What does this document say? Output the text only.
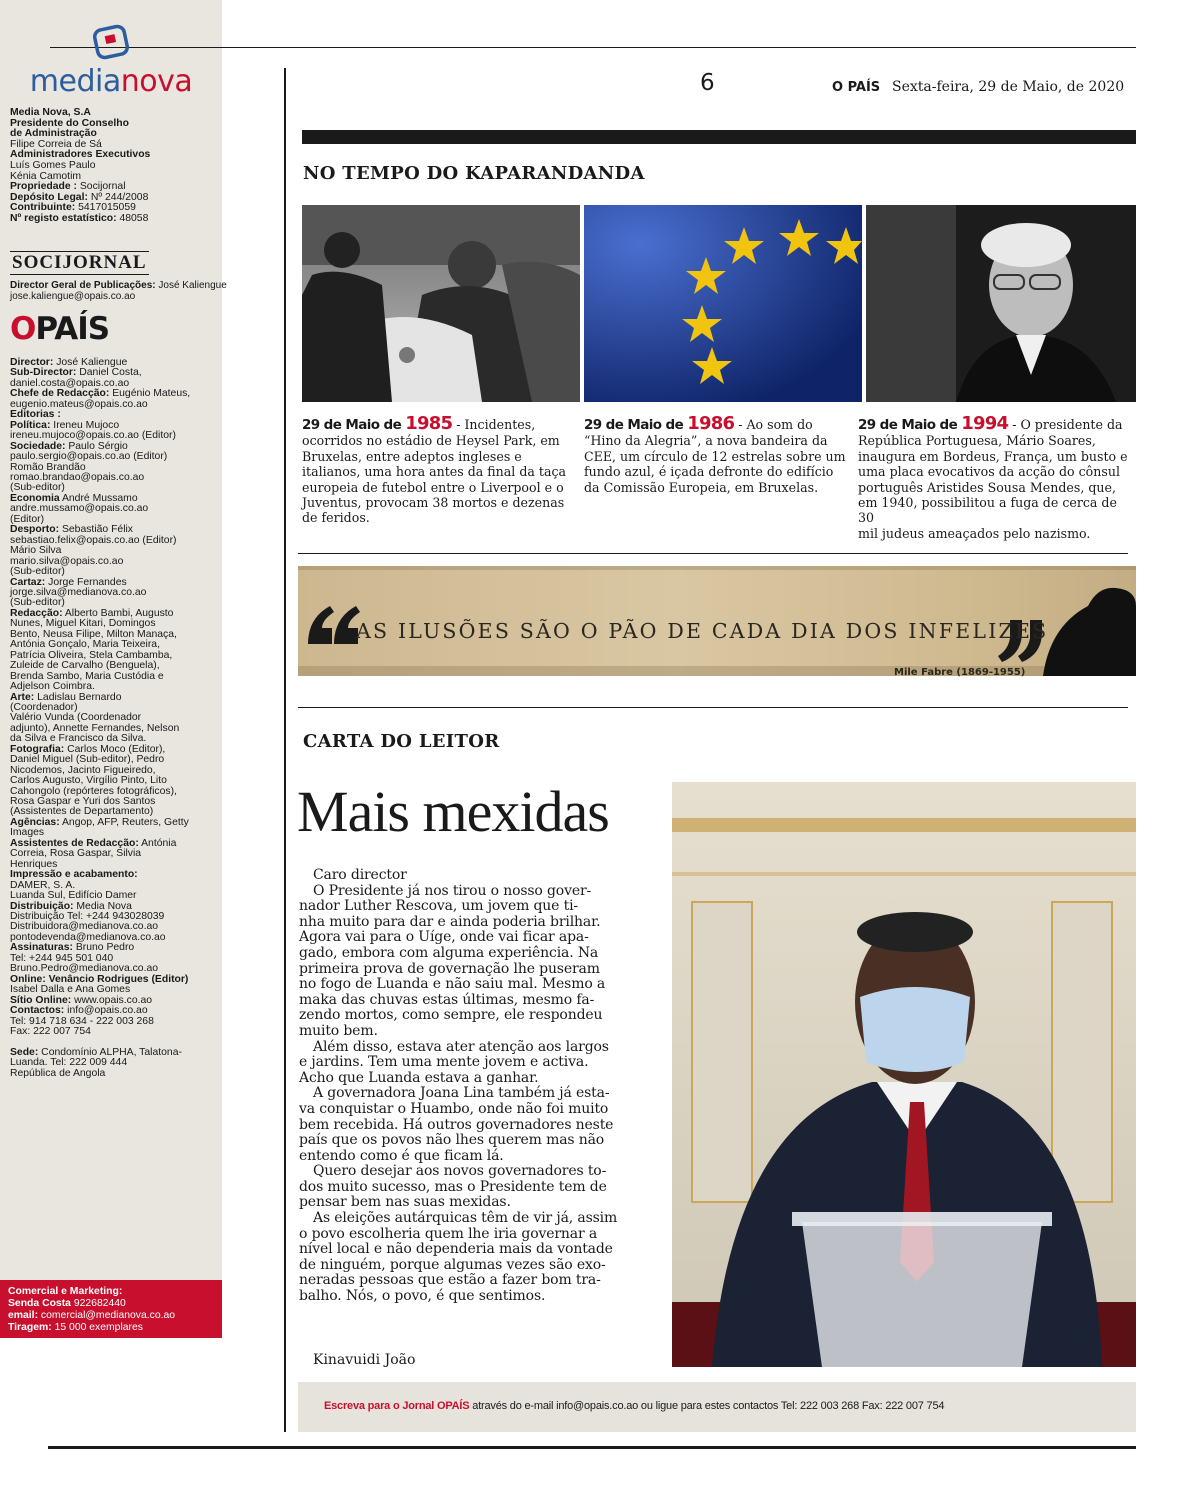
medianova
Media Nova, S.A
Presidente do Conselho
de Administração
Filipe Correia de Sá
Administradores Executivos
Luís Gomes Paulo
Kénia Camotim
Propriedade : Socijornal
Depósito Legal: Nº 244/2008
Contribuinte: 5417015059
Nº registo estatístico: 48058
SOCIJORNAL
Director Geral de Publicações: José Kaliengue
jose.kaliengue@opais.co.ao
OPAÍS
Director: José Kaliengue
Sub-Director: Daniel Costa,
daniel.costa@opais.co.ao
Chefe de Redacção: Eugénio Mateus,
eugenio.mateus@opais.co.ao
Editorias :
Política: Ireneu Mujoco
ireneu.mujoco@opais.co.ao (Editor)
Sociedade: Paulo Sérgio
paulo.sergio@opais.co.ao (Editor)
Romão Brandão
romao.brandao@opais.co.ao
(Sub-editor)
Economia André Mussamo
andre.mussamo@opais.co.ao
(Editor)
Desporto: Sebastião Félix
sebastiao.felix@opais.co.ao (Editor)
Mário Silva
mario.silva@opais.co.ao
(Sub-editor)
Cartaz: Jorge Fernandes
jorge.silva@medianova.co.ao
(Sub-editor)
Redacção: Alberto Bambi, Augusto
Nunes, Miguel Kitari, Domingos
Bento, Neusa Filipe, Milton Manaça,
Antónia Gonçalo, Maria Teixeira,
Patrícia Oliveira, Stela Cambamba,
Zuleide de Carvalho (Benguela),
Brenda Sambo, Maria Custódia e
Adjelson Coimbra.
Arte: Ladislau Bernardo
(Coordenador)
Valério Vunda (Coordenador
adjunto), Annette Fernandes, Nelson
da Silva e Francisco da Silva.
Fotografia: Carlos Moco (Editor),
Daniel Miguel (Sub-editor), Pedro
Nicodemos, Jacinto Figueiredo,
Carlos Augusto, Virgílio Pinto, Lito
Cahongolo (repórteres fotográficos),
Rosa Gaspar e Yuri dos Santos
(Assistentes de Departamento)
Agências: Angop, AFP, Reuters, Getty
Images
Assistentes de Redacção: Antónia
Correia, Rosa Gaspar, Silvia
Henriques
Impressão e acabamento:
DAMER, S. A.
Luanda Sul, Edifício Damer
Distribuição: Media Nova
Distribuição Tel: +244 943028039
Distribuidora@medianova.co.ao
pontodevenda@medianova.co.ao
Assinaturas: Bruno Pedro
Tel: +244 945 501 040
Bruno.Pedro@medianova.co.ao
Online: Venâncio Rodrigues (Editor)
Isabel Dalla e Ana Gomes
Sítio Online: www.opais.co.ao
Contactos: info@opais.co.ao
Tel: 914 718 634 - 222 003 268
Fax: 222 007 754

Sede: Condomínio ALPHA, Talatona-
Luanda. Tel: 222 009 444
República de Angola
Comercial e Marketing:
Senda Costa 922682440
email: comercial@medianova.co.ao
Tiragem: 15 000 exemplares
6	O PAÍS Sexta-feira, 29 de Maio, de 2020
NO TEMPO DO KAPARANDANDA
29 de Maio de 1985 - Incidentes,
ocorridos no estádio de Heysel Park, em
Bruxelas, entre adeptos ingleses e
italianos, uma hora antes da final da taça
europeia de futebol entre o Liverpool e o
Juventus, provocam 38 mortos e dezenas
de feridos.
29 de Maio de 1986 - Ao som do
“Hino da Alegria”, a nova bandeira da
CEE, um círculo de 12 estrelas sobre um
fundo azul, é içada defronte do edifício
da Comissão Europeia, em Bruxelas.
29 de Maio de 1994 - O presidente da
República Portuguesa, Mário Soares,
inaugura em Bordeus, França, um busto e
uma placa evocativos da acção do cônsul
português Aristides Sousa Mendes, que,
em 1940, possibilitou a fuga de cerca de 30
mil judeus ameaçados pelo nazismo.
AS ILUSÕES SÃO O PÃO DE CADA DIA DOS INFELIZES
Mile Fabre (1869-1955)
CARTA DO LEITOR
Mais mexidas

Caro director

O Presidente já nos tirou o nosso gover-

nador Luther Rescova, um jovem que ti-

nha muito para dar e ainda poderia brilhar.

Agora vai para o Uíge, onde vai ficar apa-

gado, embora com alguma experiência. Na

primeira prova de governação lhe puseram

no fogo de Luanda e não saiu mal. Mesmo a

maka das chuvas estas últimas, mesmo fa-

zendo mortos, como sempre, ele respondeu

muito bem.

Além disso, estava ater atenção aos largos

e jardins. Tem uma mente jovem e activa.

Acho que Luanda estava a ganhar.

A governadora Joana Lina também já esta-

va conquistar o Huambo, onde não foi muito

bem recebida. Há outros governadores neste

país que os povos não lhes querem mas não

entendo como é que ficam lá.

Quero desejar aos novos governadores to-

dos muito sucesso, mas o Presidente tem de

pensar bem nas suas mexidas.

As eleições autárquicas têm de vir já, assim

o povo escolheria quem lhe iria governar a

nível local e não dependeria mais da vontade

de ninguém, porque algumas vezes são exo-

neradas pessoas que estão a fazer bom tra-

balho. Nós, o povo, é que sentimos.

Kinavuidi João
Escreva para o Jornal OPAÍS através do e-mail info@opais.co.ao ou ligue para estes contactos Tel: 222 003 268 Fax: 222 007 754
